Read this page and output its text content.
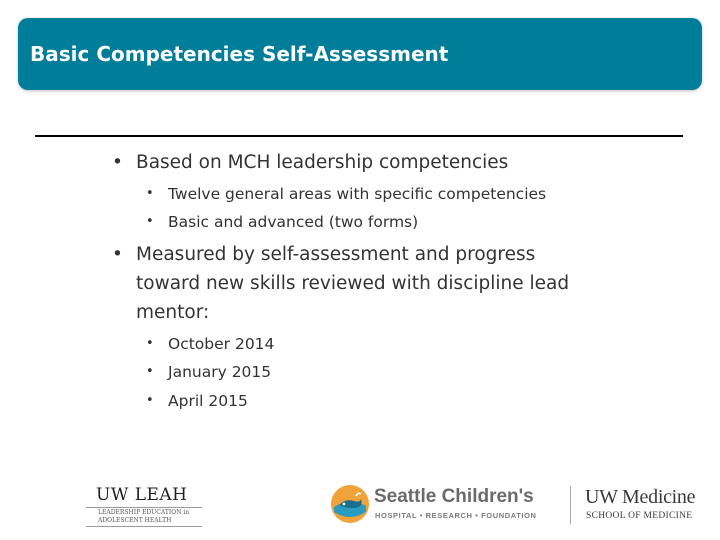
Basic Competencies Self-Assessment
• Based on MCH leadership competencies
• Twelve general areas with specific competencies
• Basic and advanced (two forms)
• Measured by self-assessment and progress
toward new skills reviewed with discipline lead
mentor:
• October 2014
• January 2015
• April 2015
UW LEAH
LEADERSHIP EDUCATION in
ADOLESCENT HEALTH
Seattle Children's
HOSPITAL • RESEARCH • FOUNDATION
UW Medicine
SCHOOL OF MEDICINE
